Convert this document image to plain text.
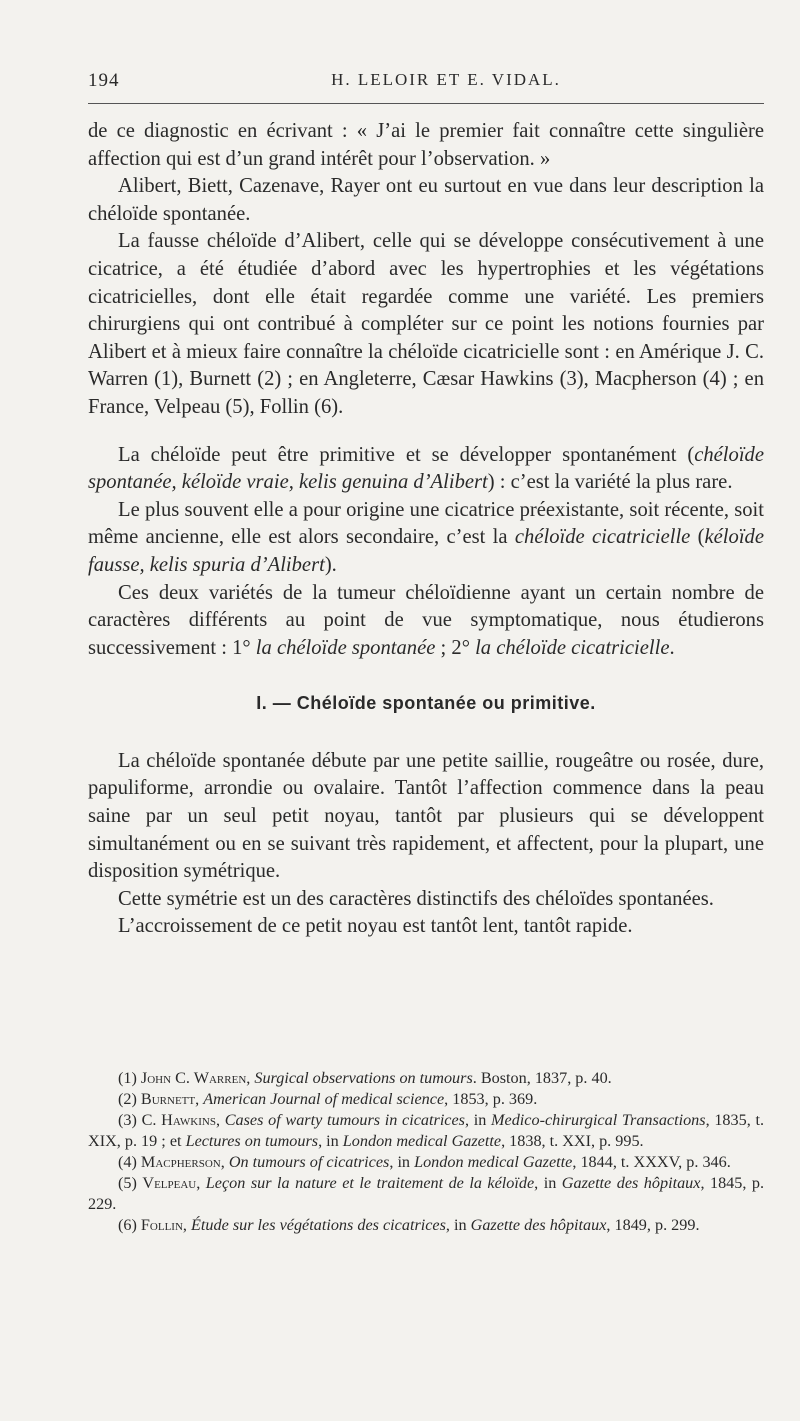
194	H. LELOIR ET E. VIDAL.

de ce diagnostic en écrivant : « J’ai le premier fait connaître cette singulière affection qui est d’un grand intérêt pour l’observation. »

Alibert, Biett, Cazenave, Rayer ont eu surtout en vue dans leur description la chéloïde spontanée.

La fausse chéloïde d’Alibert, celle qui se développe consécutivement à une cicatrice, a été étudiée d’abord avec les hypertrophies et les végétations cicatricielles, dont elle était regardée comme une variété. Les premiers chirurgiens qui ont contribué à compléter sur ce point les notions fournies par Alibert et à mieux faire connaître la chéloïde cicatricielle sont : en Amérique J. C. Warren (1), Burnett (2) ; en Angleterre, Cæsar Hawkins (3), Macpherson (4) ; en France, Velpeau (5), Follin (6).

La chéloïde peut être primitive et se développer spontanément (chéloïde spontanée, kéloïde vraie, kelis genuina d’Alibert) : c’est la variété la plus rare.

Le plus souvent elle a pour origine une cicatrice préexistante, soit récente, soit même ancienne, elle est alors secondaire, c’est la chéloïde cicatricielle (kéloïde fausse, kelis spuria d’Alibert).

Ces deux variétés de la tumeur chéloïdienne ayant un certain nombre de caractères différents au point de vue symptomatique, nous étudierons successivement : 1° la chéloïde spontanée ; 2° la chéloïde cicatricielle.

I. — Chéloïde spontanée ou primitive.

La chéloïde spontanée débute par une petite saillie, rougeâtre ou rosée, dure, papuliforme, arrondie ou ovalaire. Tantôt l’affection commence dans la peau saine par un seul petit noyau, tantôt par plusieurs qui se développent simultanément ou en se suivant très rapidement, et affectent, pour la plupart, une disposition symétrique.

Cette symétrie est un des caractères distinctifs des chéloïdes spontanées.

L’accroissement de ce petit noyau est tantôt lent, tantôt rapide.

(1) John C. Warren, Surgical observations on tumours. Boston, 1837, p. 40.

(2) Burnett, American Journal of medical science, 1853, p. 369.

(3) C. Hawkins, Cases of warty tumours in cicatrices, in Medico-chirurgical Transactions, 1835, t. XIX, p. 19 ; et Lectures on tumours, in London medical Gazette, 1838, t. XXI, p. 995.

(4) Macpherson, On tumours of cicatrices, in London medical Gazette, 1844, t. XXXV, p. 346.

(5) Velpeau, Leçon sur la nature et le traitement de la kéloïde, in Gazette des hôpitaux, 1845, p. 229.

(6) Follin, Étude sur les végétations des cicatrices, in Gazette des hôpitaux, 1849, p. 299.
